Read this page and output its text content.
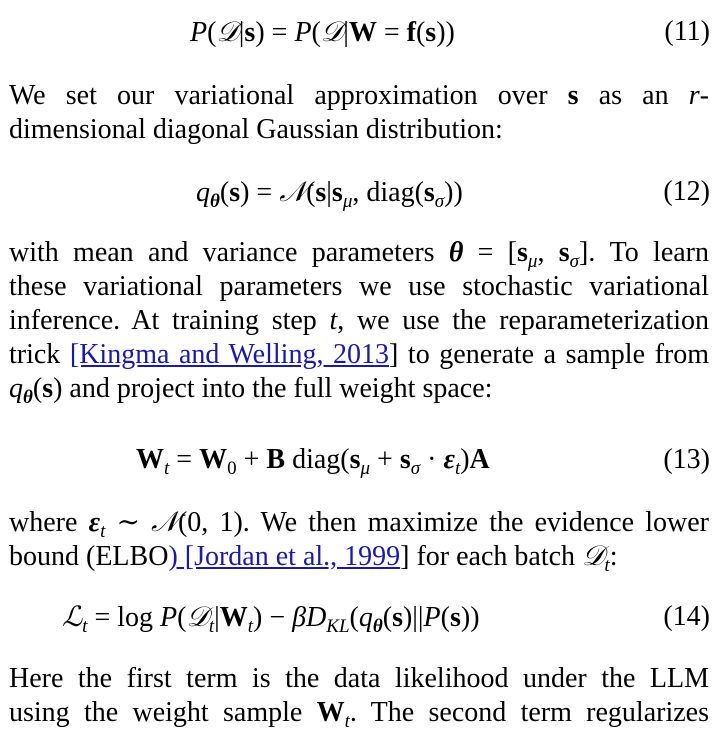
P(𝒟|s) = P(𝒟|W = f(s))	(11)
We set our variational approximation over s as an r-
dimensional diagonal Gaussian distribution:
$q_\theta(s)$ = $𝒩(s|s_\mu$, $diag(s_\sigma)$)	(12)
with mean and variance parameters $\theta = [s_\mu$, $s_\sigma$]. To learn
these variational parameters we use stochastic variational
inference. At training step t, we use the reparameterization
trick [Kingma and Welling, 2013] to generate a sample from
$q_\theta(s)$ and project into the full weight space:
$W_t = W_0 + B$ $diag(s_\mu + s_\sigma \cdot \varepsilon_t)A$	(13)
where $\varepsilon_t$ ∼ 𝒩(0, 1). We then maximize the evidence lower
bound (ELBO) [Jordan et al., 1999] for each batch 𝒟$_t$:
ℒ$_t$ = $\log P(𝒟_t|W_t) - \beta D_{KL}(q_\theta(s)||P(s))$	(14)
Here the first term is the data likelihood under the LLM
using the weight sample $W_t$. The second term regularizes
